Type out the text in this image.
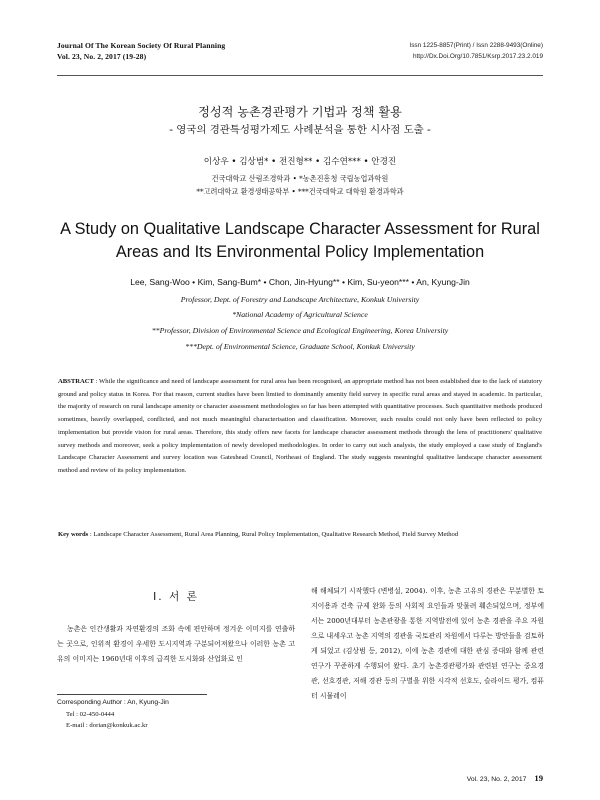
Journal Of The Korean Society Of Rural Planning
Vol. 23, No. 2, 2017 (19-28)
Issn 1225-8857(Print) / Issn 2288-9493(Online)
http://Dx.Doi.Org/10.7851/Ksrp.2017.23.2.019
정성적 농촌경관평가 기법과 정책 활용
- 영국의 경관특성평가제도 사례분석을 통한 시사점 도출 -
이상우 • 김상범* • 전진형** • 김수연*** • 안경진
건국대학교 산림조경학과 • *농촌진흥청 국립농업과학원
**고려대학교 환경생태공학부 • ***건국대학교 대학원 환경과학과
A Study on Qualitative Landscape Character Assessment for Rural
Areas and Its Environmental Policy Implementation
Lee, Sang-Woo • Kim, Sang-Bum* • Chon, Jin-Hyung** • Kim, Su-yeon*** • An, Kyung-Jin
Professor, Dept. of Forestry and Landscape Architecture, Konkuk University
*National Academy of Agricultural Science
**Professor, Division of Environmental Science and Ecological Engineering, Korea University
***Dept. of Environmental Science, Graduate School, Konkuk University
ABSTRACT : While the significance and need of landscape assessment for rural area has been recognised, an appropriate method has not been established due to the lack of statutory ground and policy status in Korea. For that reason, current studies have been limited to dominantly amenity field survey in specific rural areas and stayed in academic. In particular, the majority of research on rural landscape amenity or character assessment methodologies so far has been attempted with quantitative processes. Such quantitative methods produced sometimes, heavily overlapped, conflicted, and not much meaningful characterisation and classification. Moreover, such results could not only have been reflected to policy implementation but provide vision for rural areas. Therefore, this study offers new facets for landscape character assessment methods through the lens of practitioners' qualitative survey methods and moreover, seek a policy implementation of newly developed methodologies. In order to carry out such analysis, the study employed a case study of England's Landscape Character Assessment and survey location was Gateshead Council, Northeast of England. The study suggests meaningful qualitative landscape character assessment method and review of its policy implementation.
Key words : Landscape Character Assessment, Rural Area Planning, Rural Policy Implementation, Qualitative Research Method, Field Survey Method
I. 서 론
농촌은 인간생활과 자연환경의 조화 속에 편안하며 정겨운 이미지를 연출하는 곳으로, 인위적 환경이 우세한 도시지역과 구분되어져왔으나 이러한 농촌 고유의 이미지는 1960년대 이후의 급격한 도시화와 산업화로 인
해 해체되기 시작했다 (변병설, 2004). 이후, 농촌 고유의 경관은 무분별한 토지이용과 건축 규제 완화 등의 사회적 요인들과 맞물려 훼손되었으며, 정부에서는 2000년대부터 농촌관광을 통한 지역발전에 있어 농촌 경관을 주요 자원으로 내세우고 농촌 지역의 경관을 국토관리 차원에서 다루는 방안들을 검토하게 되었고 (김상범 등, 2012), 이에 농촌 경관에 대한 관심 증대와 함께 관련 연구가 꾸준하게 수행되어 왔다. 초기 농촌경관평가와 관련된 연구는 중요경관, 선호경관, 저해 경관 등의 구별을 위한 시각적 선호도, 슬라이드 평가, 컴퓨터 시뮬레이
Corresponding Author : An, Kyung-Jin
Tel : 02-450-0444
E-mail : dorian@konkuk.ac.kr
Vol. 23, No. 2, 2017 19
